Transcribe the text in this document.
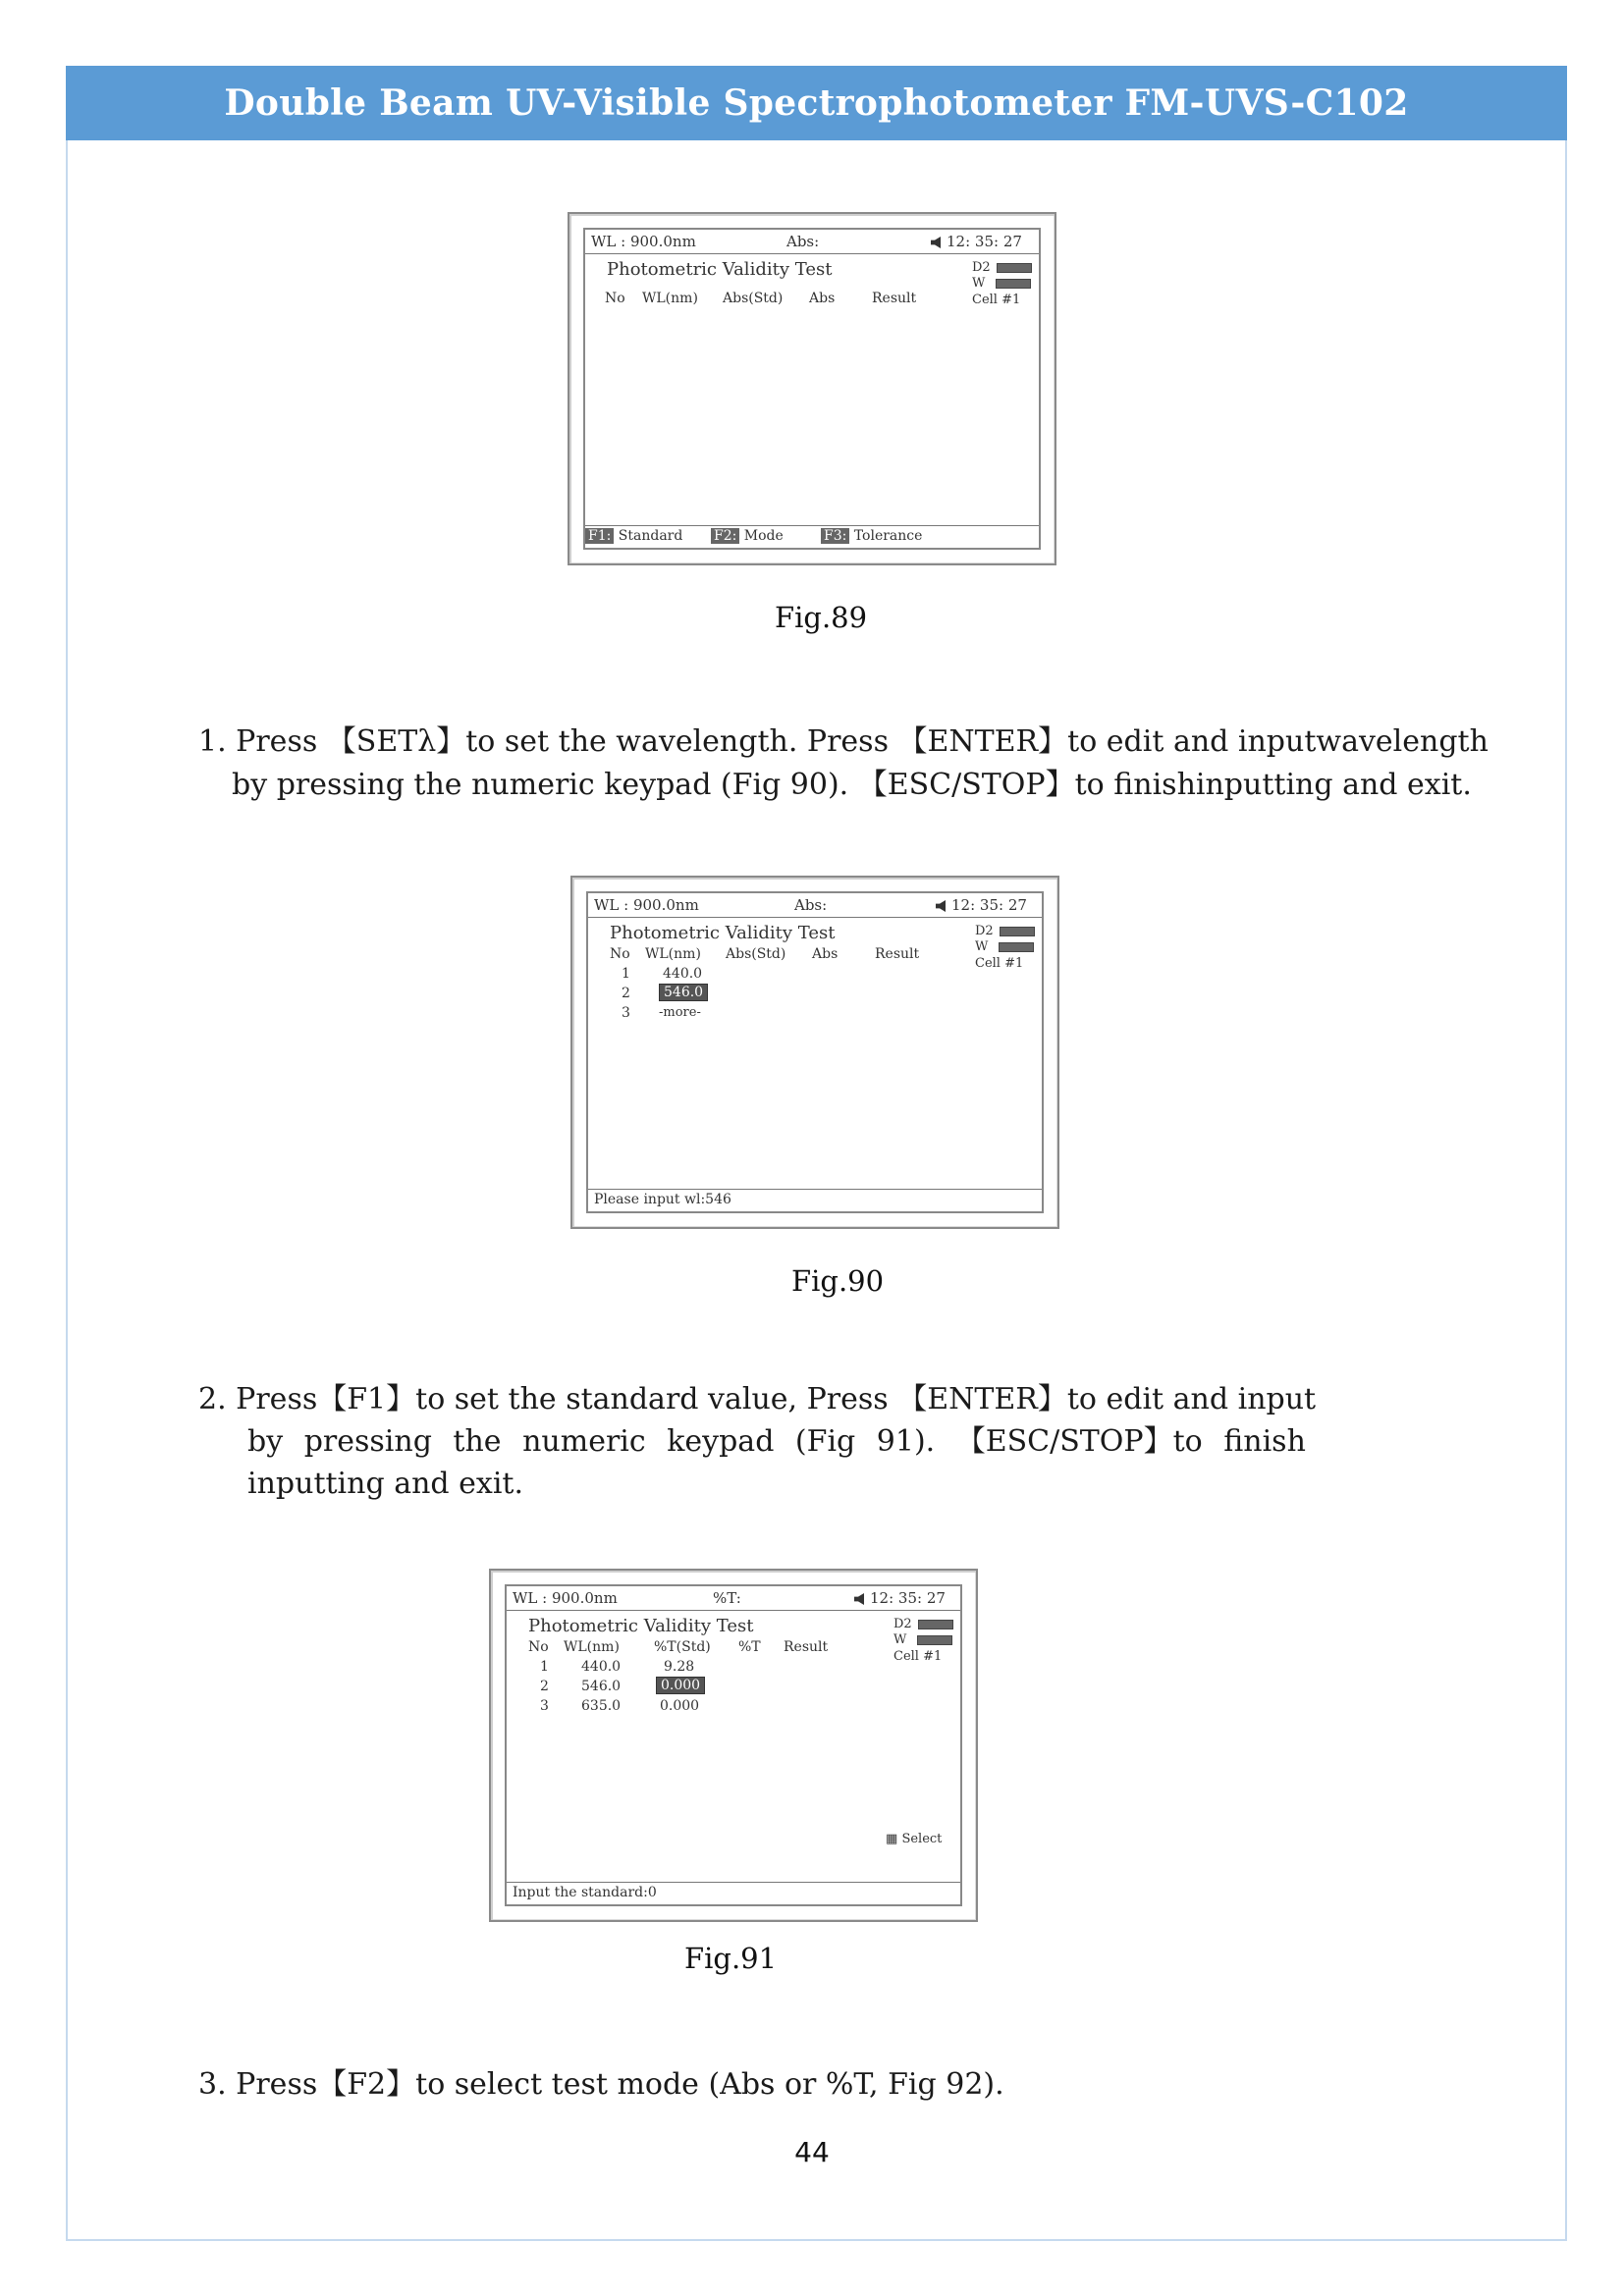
Double Beam UV-Visible Spectrophotometer FM-UVS-C102
WL : 900.0nm	Abs:	12: 35: 27
Photometric Validity Test
No WL(nm) Abs(Std) Abs	Result
D2
W
Cell #1
F1: Standard F2: Mode	F3: Tolerance
Fig.89
1. Press 【SETλ】to set the wavelength. Press 【ENTER】to edit and inputwavelength
by pressing the numeric keypad (Fig 90). 【ESC/STOP】to finishinputting and exit.
WL : 900.0nm	Abs:	12: 35: 27
Photometric Validity Test
No WL(nm) Abs(Std) Abs	Result
1 440.0
2	546.0
3 -more-
D2
W
Cell #1
Please input wl:546
Fig.90
2. Press【F1】to set the standard value, Press 【ENTER】to edit and input
by pressing the numeric keypad (Fig 91). 【ESC/STOP】to finish
inputting and exit.
WL : 900.0nm	%T:	12: 35: 27
Photometric Validity Test
No WL(nm)	%T(Std) %T Result
1 440.0	9.28
2 546.0	0.000
3 635.0	0.000
D2
W
Cell #1
▦ Select
Input the standard:0
Fig.91
3. Press【F2】to select test mode (Abs or %T, Fig 92).
44
